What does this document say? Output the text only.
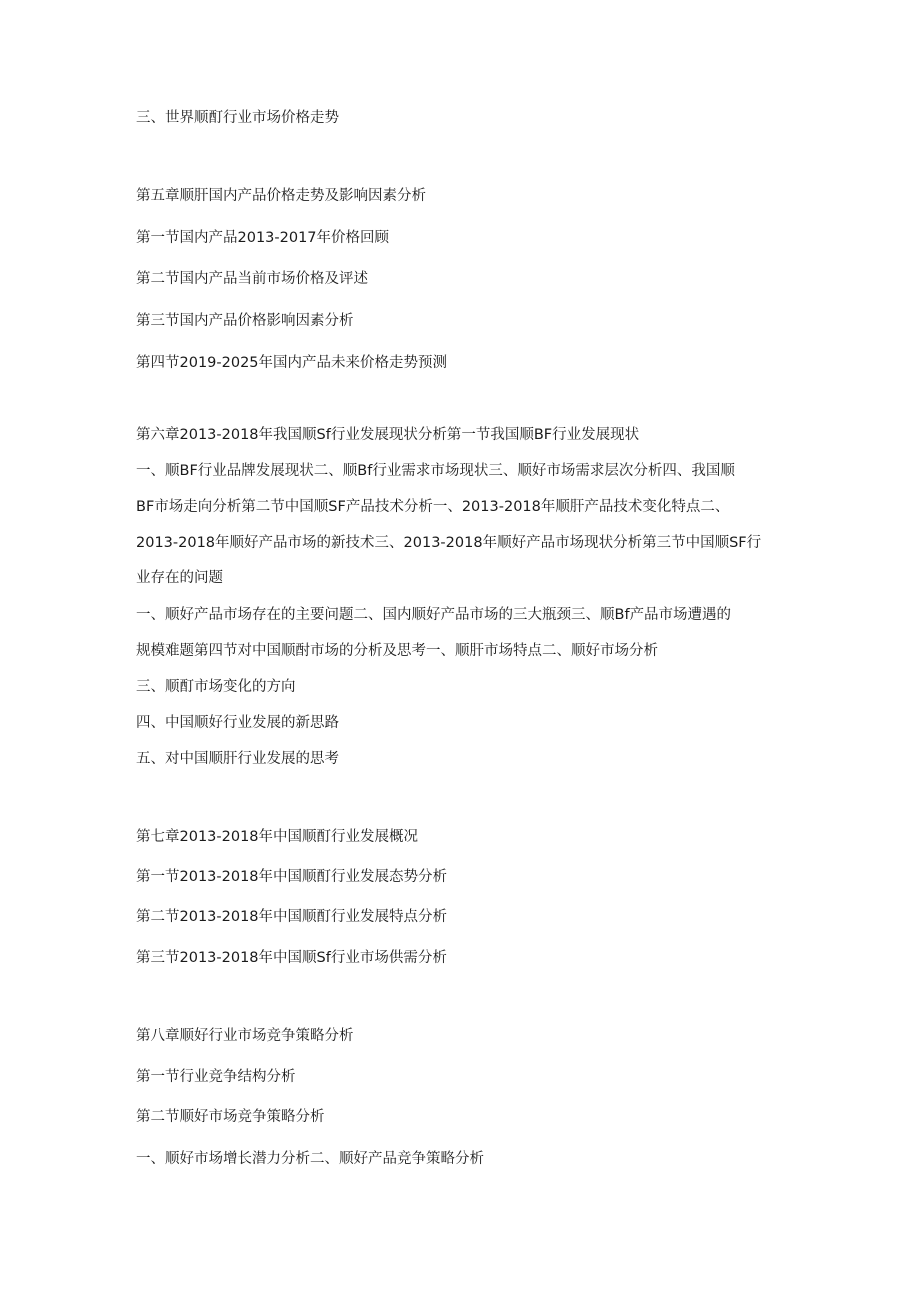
三、世界顺酊行业市场价格走势
第五章顺肝国内产品价格走势及影响因素分析
第一节国内产品2013-2017年价格回顾
第二节国内产品当前市场价格及评述
第三节国内产品价格影响因素分析
第四节2019-2025年国内产品未来价格走势预测
第六章2013-2018年我国顺Sf行业发展现状分析第一节我国顺BF行业发展现状
一、顺BF行业品牌发展现状二、顺Bf行业需求市场现状三、顺好市场需求层次分析四、我国顺
BF市场走向分析第二节中国顺SF产品技术分析一、2013-2018年顺肝产品技术变化特点二、
2013-2018年顺好产品市场的新技术三、2013-2018年顺好产品市场现状分析第三节中国顺SF行
业存在的问题
一、顺好产品市场存在的主要问题二、国内顺好产品市场的三大瓶颈三、顺Bf产品市场遭遇的
规模难题第四节对中国顺酎市场的分析及思考一、顺肝市场特点二、顺好市场分析
三、顺酊市场变化的方向
四、中国顺好行业发展的新思路
五、对中国顺肝行业发展的思考
第七章2013-2018年中国顺酊行业发展概况
第一节2013-2018年中国顺酊行业发展态势分析
第二节2013-2018年中国顺酊行业发展特点分析
第三节2013-2018年中国顺Sf行业市场供需分析
第八章顺好行业市场竞争策略分析
第一节行业竞争结构分析
第二节顺好市场竞争策略分析
一、顺好市场增长潜力分析二、顺好产品竞争策略分析
